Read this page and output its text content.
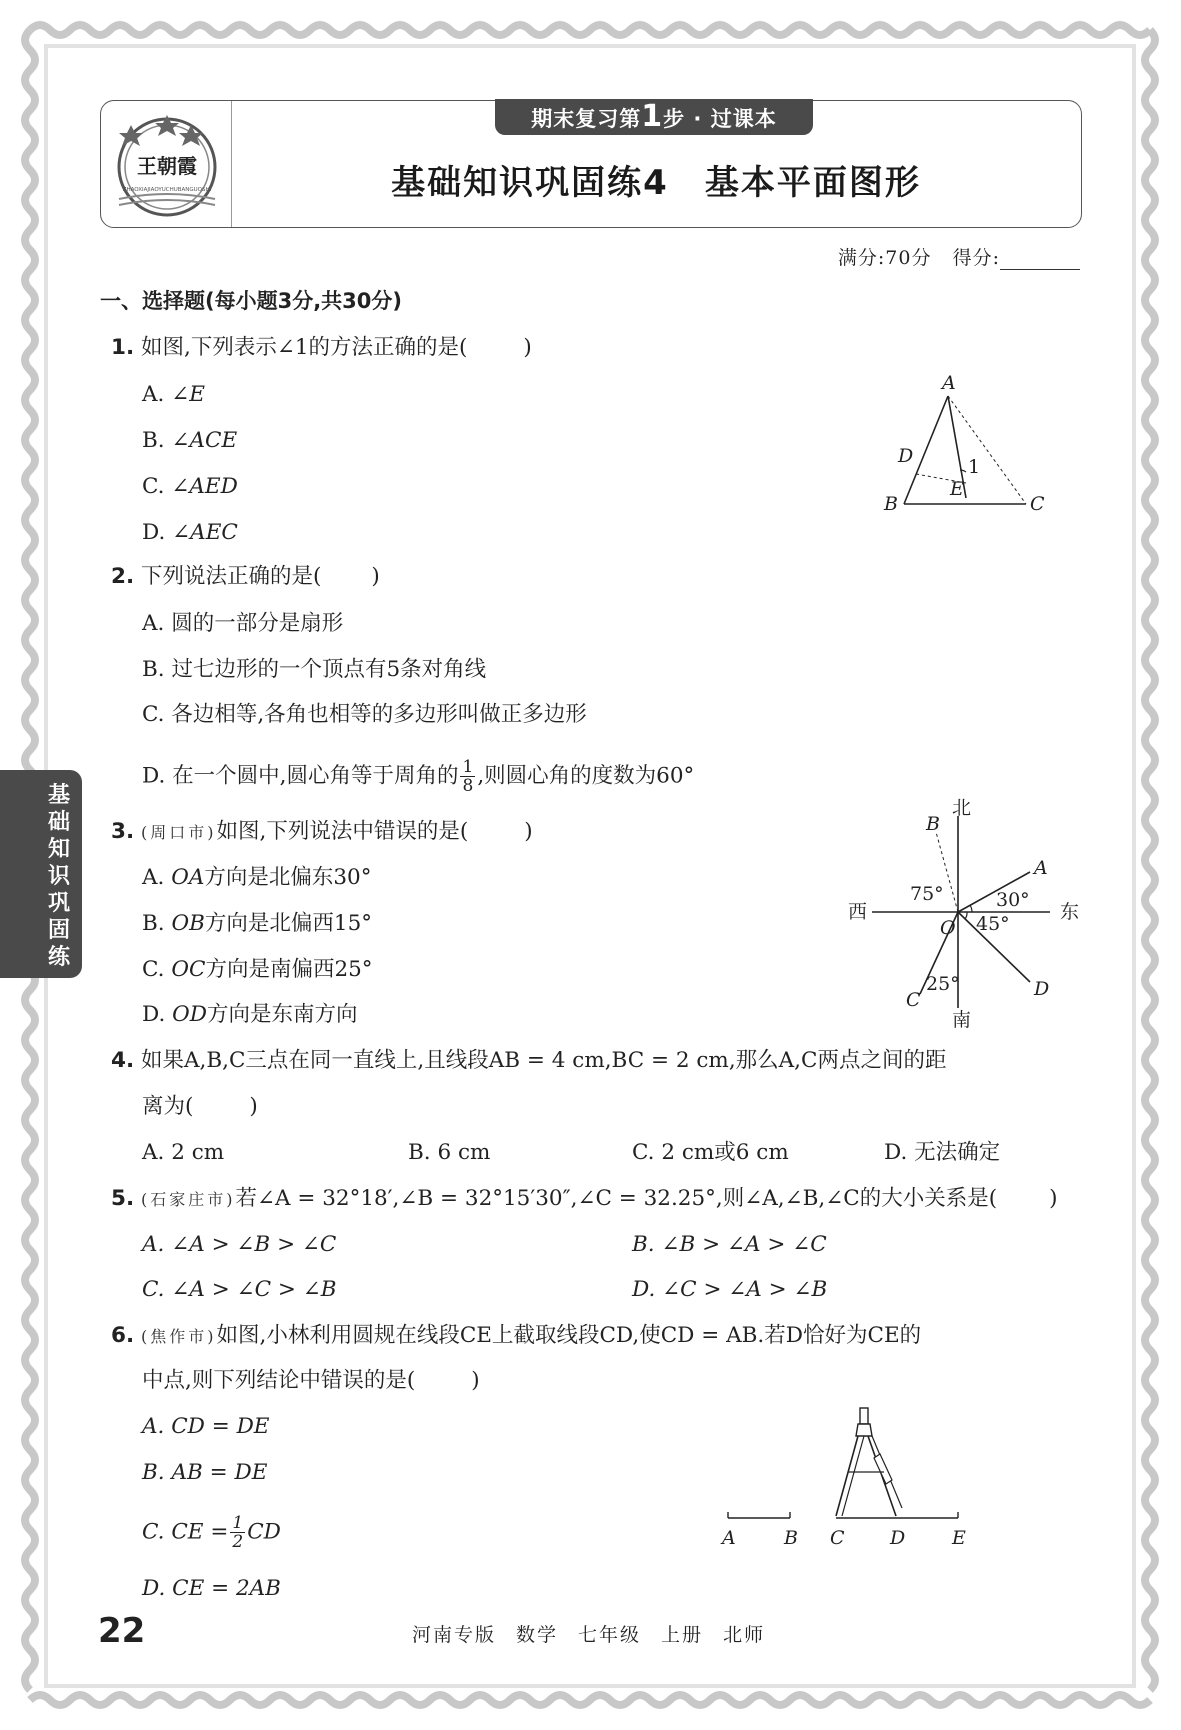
王朝霞
ZHAOXIAJIAOYUCHUBANGUOSHI
期末复习第1步 · 过课本
基础知识巩固练4　基本平面图形
满分:70分 得分:
一、选择题(每小题3分,共30分)
1. 如图,下列表示∠1的方法正确的是(	)
A. ∠E
B. ∠ACE
C. ∠AED
D. ∠AEC
A
B	C
D
E
1
2. 下列说法正确的是( )
A. 圆的一部分是扇形
B. 过七边形的一个顶点有5条对角线
C. 各边相等,各角也相等的多边形叫做正多边形
D. 在一个圆中,圆心角等于周角的 $\frac{1}{8}$ ,则圆心角的度数为60°
3. (周口市)如图,下列说法中错误的是(	)
A. OA方向是北偏东30°
B. OB方向是北偏西15°
C. OC方向是南偏西25°
D. OD方向是东南方向
北
南
西	东
O
A
B
C	D
75°	30°
45°
25°
4. 如果A,B,C三点在同一直线上,且线段AB = 4 cm,BC = 2 cm,那么A,C两点之间的距
离为(	)
A. 2 cm	B. 6 cm	C. 2 cm或6 cm	D. 无法确定
5. (石家庄市)若∠A = 32°18′,∠B = 32°15′30″,∠C = 32.25°,则∠A,∠B,∠C的大小关系是( )
A. ∠A > ∠B > ∠C	B. ∠B > ∠A > ∠C
C. ∠A > ∠C > ∠B	D. ∠C > ∠A > ∠B
6. (焦作市)如图,小林利用圆规在线段CE上截取线段CD,使CD = AB.若D恰好为CE的
中点,则下列结论中错误的是(	)
A. CD = DE
B. AB = DE
C. CE = $\frac{1}{2}$ CD
D. CE = 2AB
A	B C D E
基础知识巩固练
22	河南专版 数学 七年级 上册 北师
